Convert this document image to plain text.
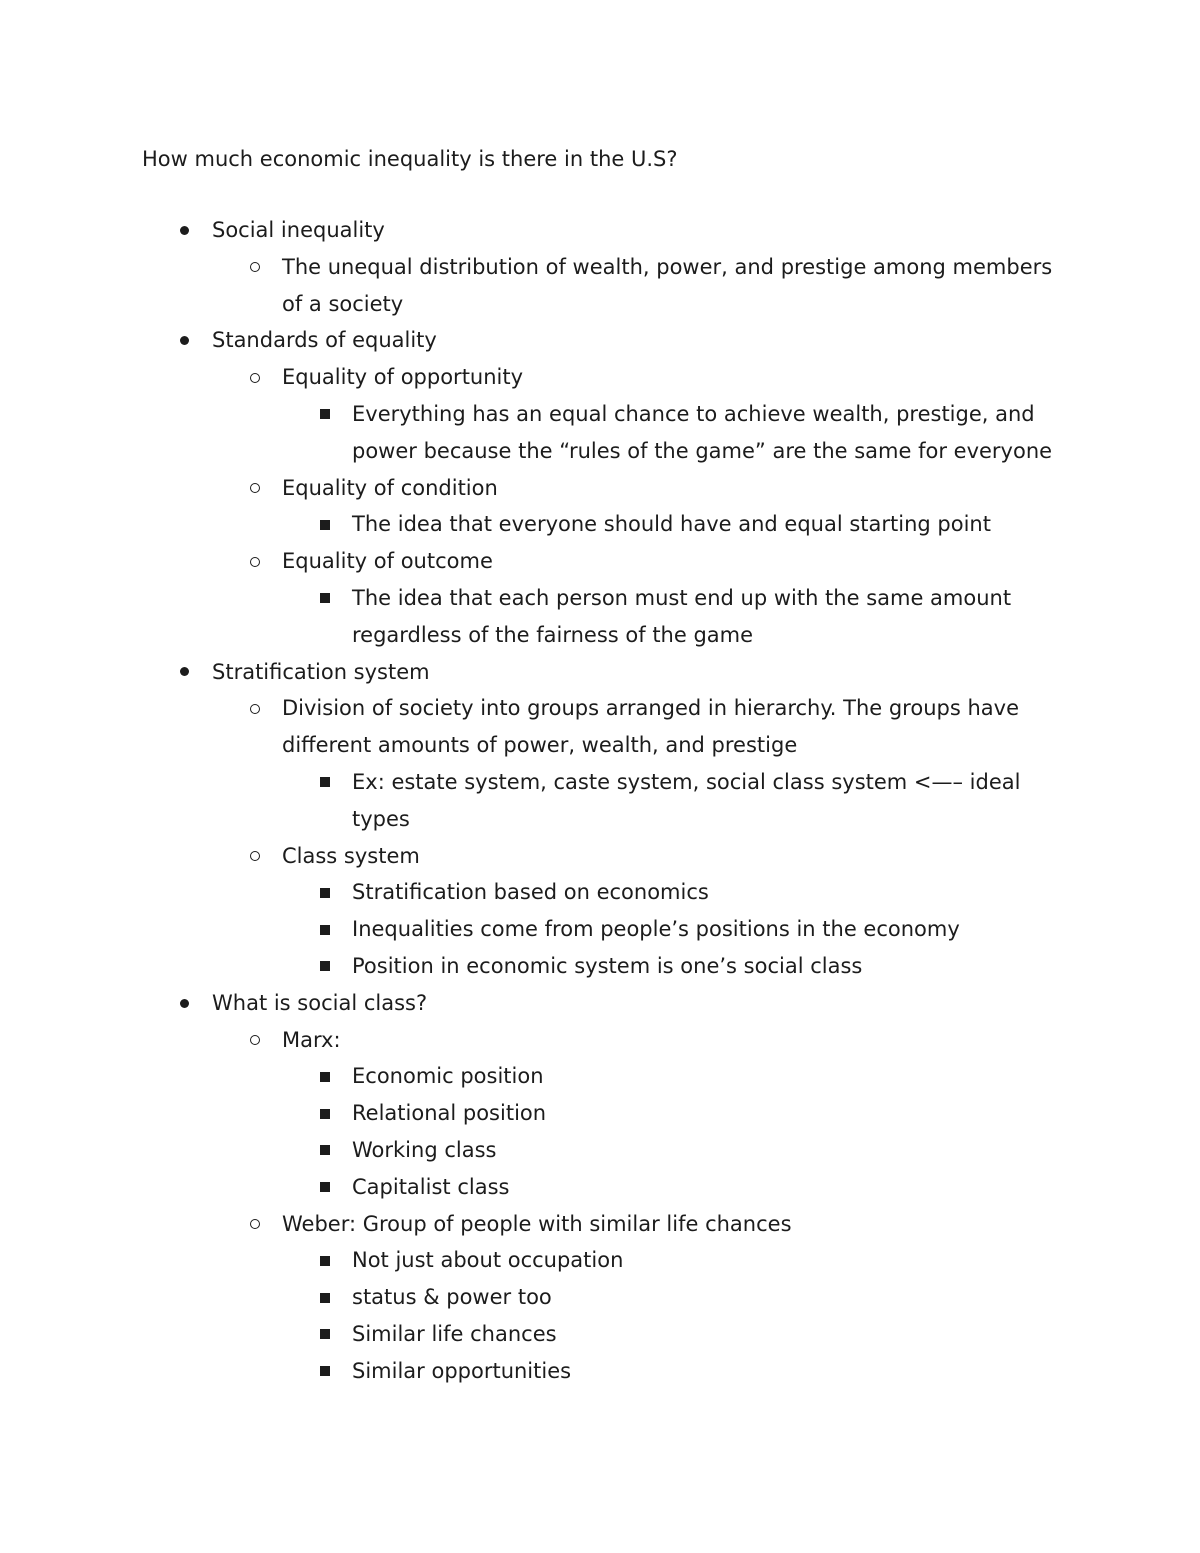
How much economic inequality is there in the U.S?
Social inequality
The unequal distribution of wealth, power, and prestige among members of a society
Standards of equality
Equality of opportunity
Everything has an equal chance to achieve wealth, prestige, and power because the “rules of the game” are the same for everyone
Equality of condition
The idea that everyone should have and equal starting point
Equality of outcome
The idea that each person must end up with the same amount regardless of the fairness of the game
Stratification system
Division of society into groups arranged in hierarchy. The groups have different amounts of power, wealth, and prestige
Ex: estate system, caste system, social class system <—– ideal types
Class system
Stratification based on economics
Inequalities come from people’s positions in the economy
Position in economic system is one’s social class
What is social class?
Marx:
Economic position
Relational position
Working class
Capitalist class
Weber: Group of people with similar life chances
Not just about occupation
status & power too
Similar life chances
Similar opportunities
